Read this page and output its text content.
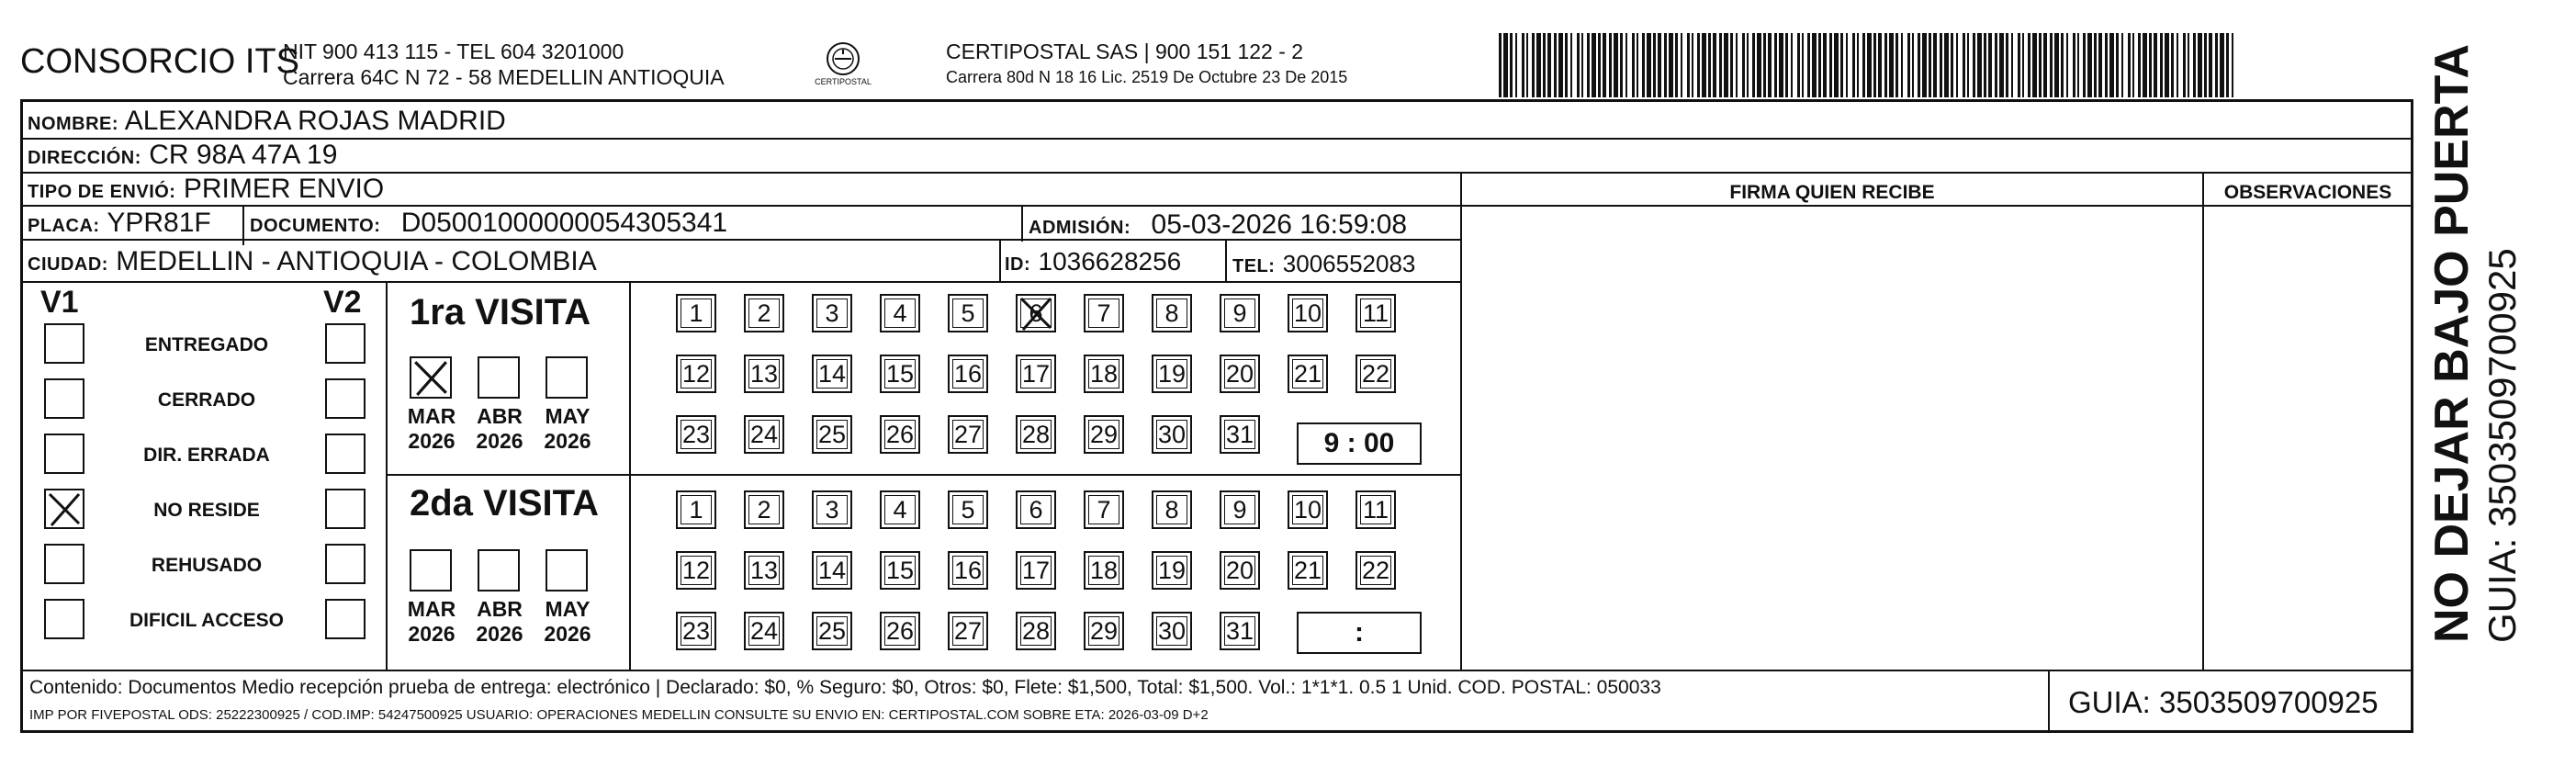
CONSORCIO ITS
NIT 900 413 115 - TEL 604 3201000
Carrera 64C N 72 - 58 MEDELLIN ANTIOQUIA	CERTIPOSTAL
CERTIPOSTAL SAS | 900 151 122 - 2
Carrera 80d N 18 16 Lic. 2519 De Octubre 23 De 2015
NOMBRE: ALEXANDRA ROJAS MADRID
DIRECCIÓN: CR 98A 47A 19
TIPO DE ENVIÓ: PRIMER ENVIO
PLACA: YPR81F DOCUMENTO: D05001000000054305341	ADMISIÓN: 05-03-2026 16:59:08
CIUDAD: MEDELLIN - ANTIOQUIA - COLOMBIA	ID: 1036628256	TEL: 3006552083
FIRMA QUIEN RECIBE	OBSERVACIONES
V1	V2
ENTREGADO
CERRADO
DIR. ERRADA
NO RESIDE
REHUSADO
DIFICIL ACCESO
1ra VISITA
MAR
2026
ABR
2026
MAY
2026
1	2	3	4	5	6	7	8	9	10 11
12 13 14 15 16 17 18 19 20 21 22
23 24 25 26 27 28 29 30 31	9 : 00
2da VISITA
MAR
2026
ABR
2026
MAY
2026
1	2	3	4	5	6	7	8	9	10 11
12 13 14 15 16 17 18 19 20 21 22
23 24 25 26 27 28 29 30 31	:
Contenido: Documentos Medio recepción prueba de entrega: electrónico | Declarado: $0, % Seguro: $0, Otros: $0, Flete: $1,500, Total: $1,500. Vol.: 1*1*1. 0.5 1 Unid. COD. POSTAL: 050033
IMP POR FIVEPOSTAL ODS: 25222300925 / COD.IMP: 54247500925 USUARIO: OPERACIONES MEDELLIN CONSULTE SU ENVIO EN: CERTIPOSTAL.COM SOBRE ETA: 2026-03-09 D+2	GUIA: 3503509700925
NO DEJAR BAJO PUERTA GUIA: 3503509700925
